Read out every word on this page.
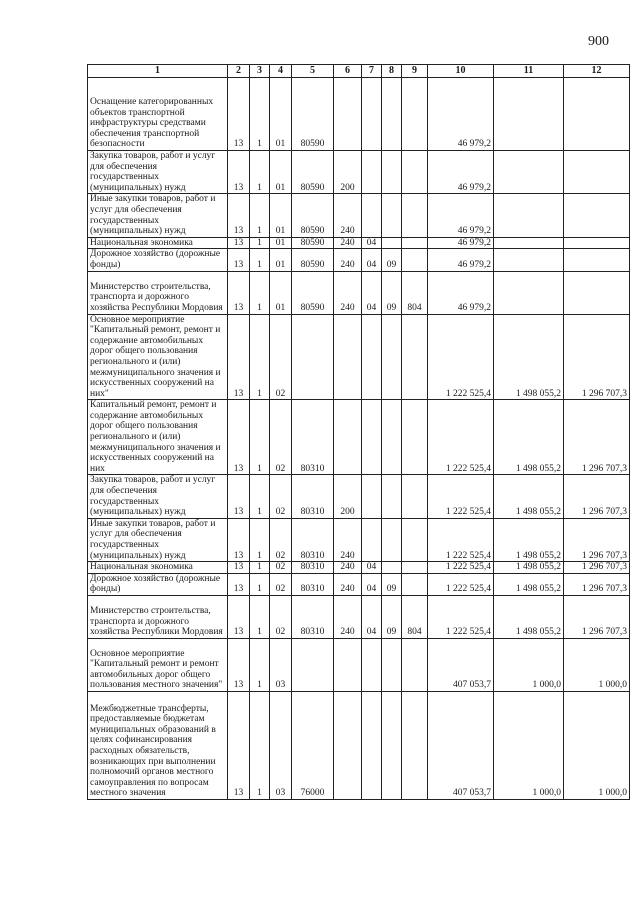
900
1	2	3	4	5	6	7	8	9	10	11	12
Оснащение категорированных объектов транспортной инфраструктуры средствами обеспечения транспортной безопасности	13	1	01	80590					46 979,2		
Закупка товаров, работ и услуг для обеспечения государственных (муниципальных) нужд	13	1	01	80590	200				46 979,2		
Иные закупки товаров, работ и услуг для обеспечения государственных (муниципальных) нужд	13	1	01	80590	240				46 979,2		
Национальная экономика	13	1	01	80590	240	04			46 979,2		
Дорожное хозяйство (дорожные фонды)	13	1	01	80590	240	04	09		46 979,2		
Министерство строительства, транспорта и дорожного хозяйства Республики Мордовия	13	1	01	80590	240	04	09	804	46 979,2		
Основное мероприятие "Капитальный ремонт, ремонт и содержание автомобильных дорог общего пользования регионального и (или) межмуниципального значения и искусственных сооружений на них"	13	1	02						1 222 525,4	1 498 055,2	1 296 707,3
Капитальный ремонт, ремонт и содержание автомобильных дорог общего пользования регионального и (или) межмуниципального значения и искусственных сооружений на них	13	1	02	80310					1 222 525,4	1 498 055,2	1 296 707,3
Закупка товаров, работ и услуг для обеспечения государственных (муниципальных) нужд	13	1	02	80310	200				1 222 525,4	1 498 055,2	1 296 707,3
Иные закупки товаров, работ и услуг для обеспечения государственных (муниципальных) нужд	13	1	02	80310	240				1 222 525,4	1 498 055,2	1 296 707,3
Национальная экономика	13	1	02	80310	240	04			1 222 525,4	1 498 055,2	1 296 707,3
Дорожное хозяйство (дорожные фонды)	13	1	02	80310	240	04	09		1 222 525,4	1 498 055,2	1 296 707,3
Министерство строительства, транспорта и дорожного хозяйства Республики Мордовия	13	1	02	80310	240	04	09	804	1 222 525,4	1 498 055,2	1 296 707,3
Основное мероприятие "Капитальный ремонт и ремонт автомобильных дорог общего пользования местного значения"	13	1	03						407 053,7	1 000,0	1 000,0
Межбюджетные трансферты, предоставляемые бюджетам муниципальных образований в целях софинансирования расходных обязательств, возникающих при выполнении полномочий органов местного самоуправления по вопросам местного значения	13	1	03	76000					407 053,7	1 000,0	1 000,0
